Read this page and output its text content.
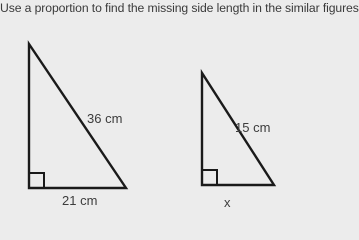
Use a proportion to find the missing side length in the similar figures
36 cm
21 cm
15 cm
x
